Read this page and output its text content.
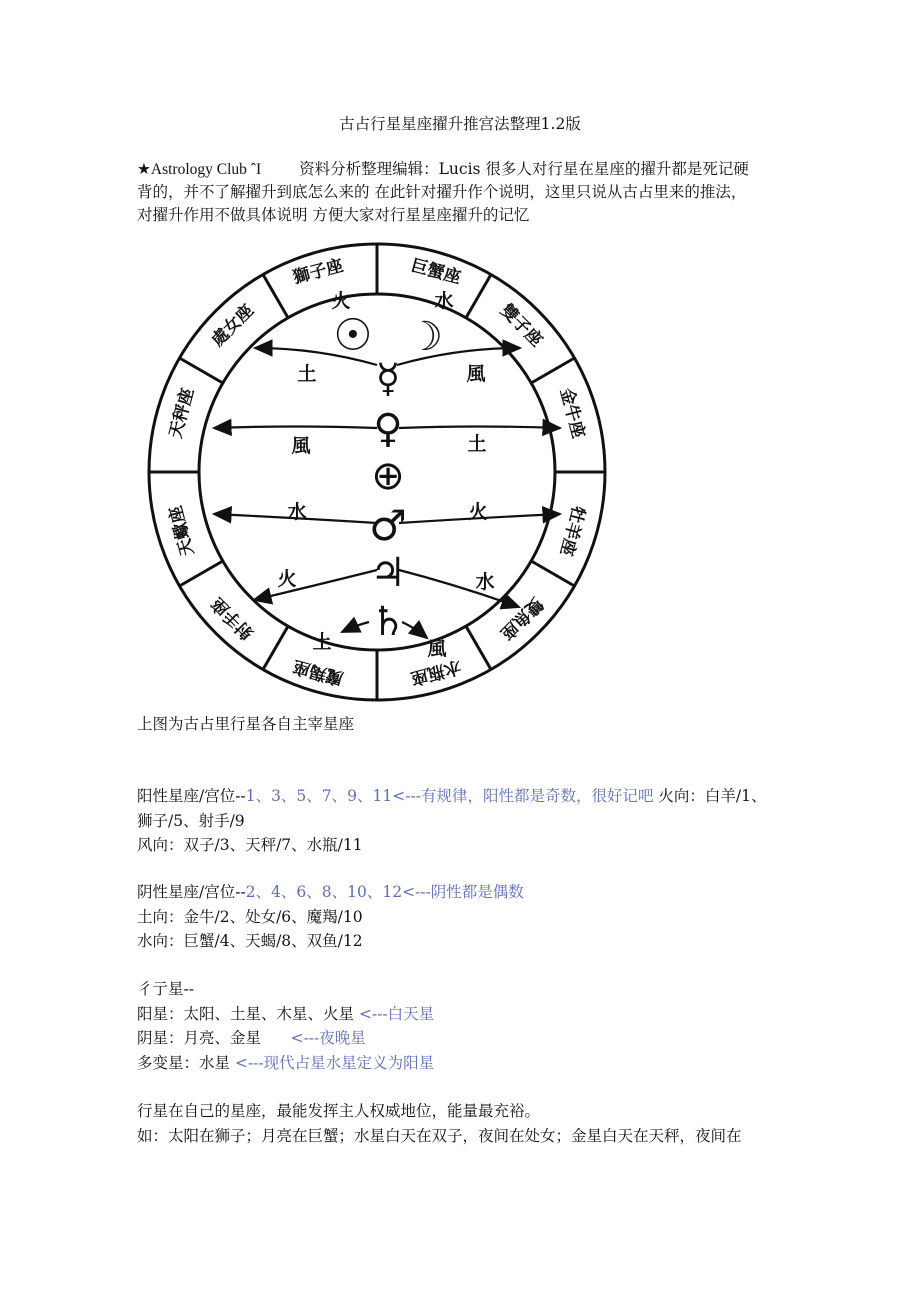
古占行星星座擢升推宫法整理1.2版
★Astrology Club ˆI 资料分析整理编辑：Lucis 很多人对行星在星座的擢升都是死记硬
背的，并不了解擢升到底怎么来的 在此针对擢升作个说明，这里只说从古占里来的推法，
对擢升作用不做具体说明 方便大家对行星星座擢升的记忆
獅子座	巨蟹座
雙子座
金牛座
牡羊座
雙魚座
水瓶座
魔羯座
射手座
天蠍座
天秤座
處女座	火	水
土	風
風	土
水	火
火	水
土	風
☉ ☽
☿
♀
⊕
♂
♃
♄
上图为古占里行星各自主宰星座
阳性星座/宫位--1、3、5、7、9、11<---有规律，阳性都是奇数，很好记吧 火向：白羊/1、
狮子/5、射手/9
风向：双子/3、天秤/7、水瓶/11
阴性星座/宫位--2、4、6、8、10、12<---阴性都是偶数
土向：金牛/2、处女/6、魔羯/10
水向：巨蟹/4、天蝎/8、双鱼/12
彳亍星--
阳星：太阳、土星、木星、火星 <---白天星
阴星：月亮、金星      <---夜晚星
多变星：水星 <---现代占星水星定义为阳星
行星在自己的星座，最能发挥主人权威地位，能量最充裕。
如：太阳在狮子；月亮在巨蟹；水星白天在双子，夜间在处女；金星白天在天秤，夜间在
